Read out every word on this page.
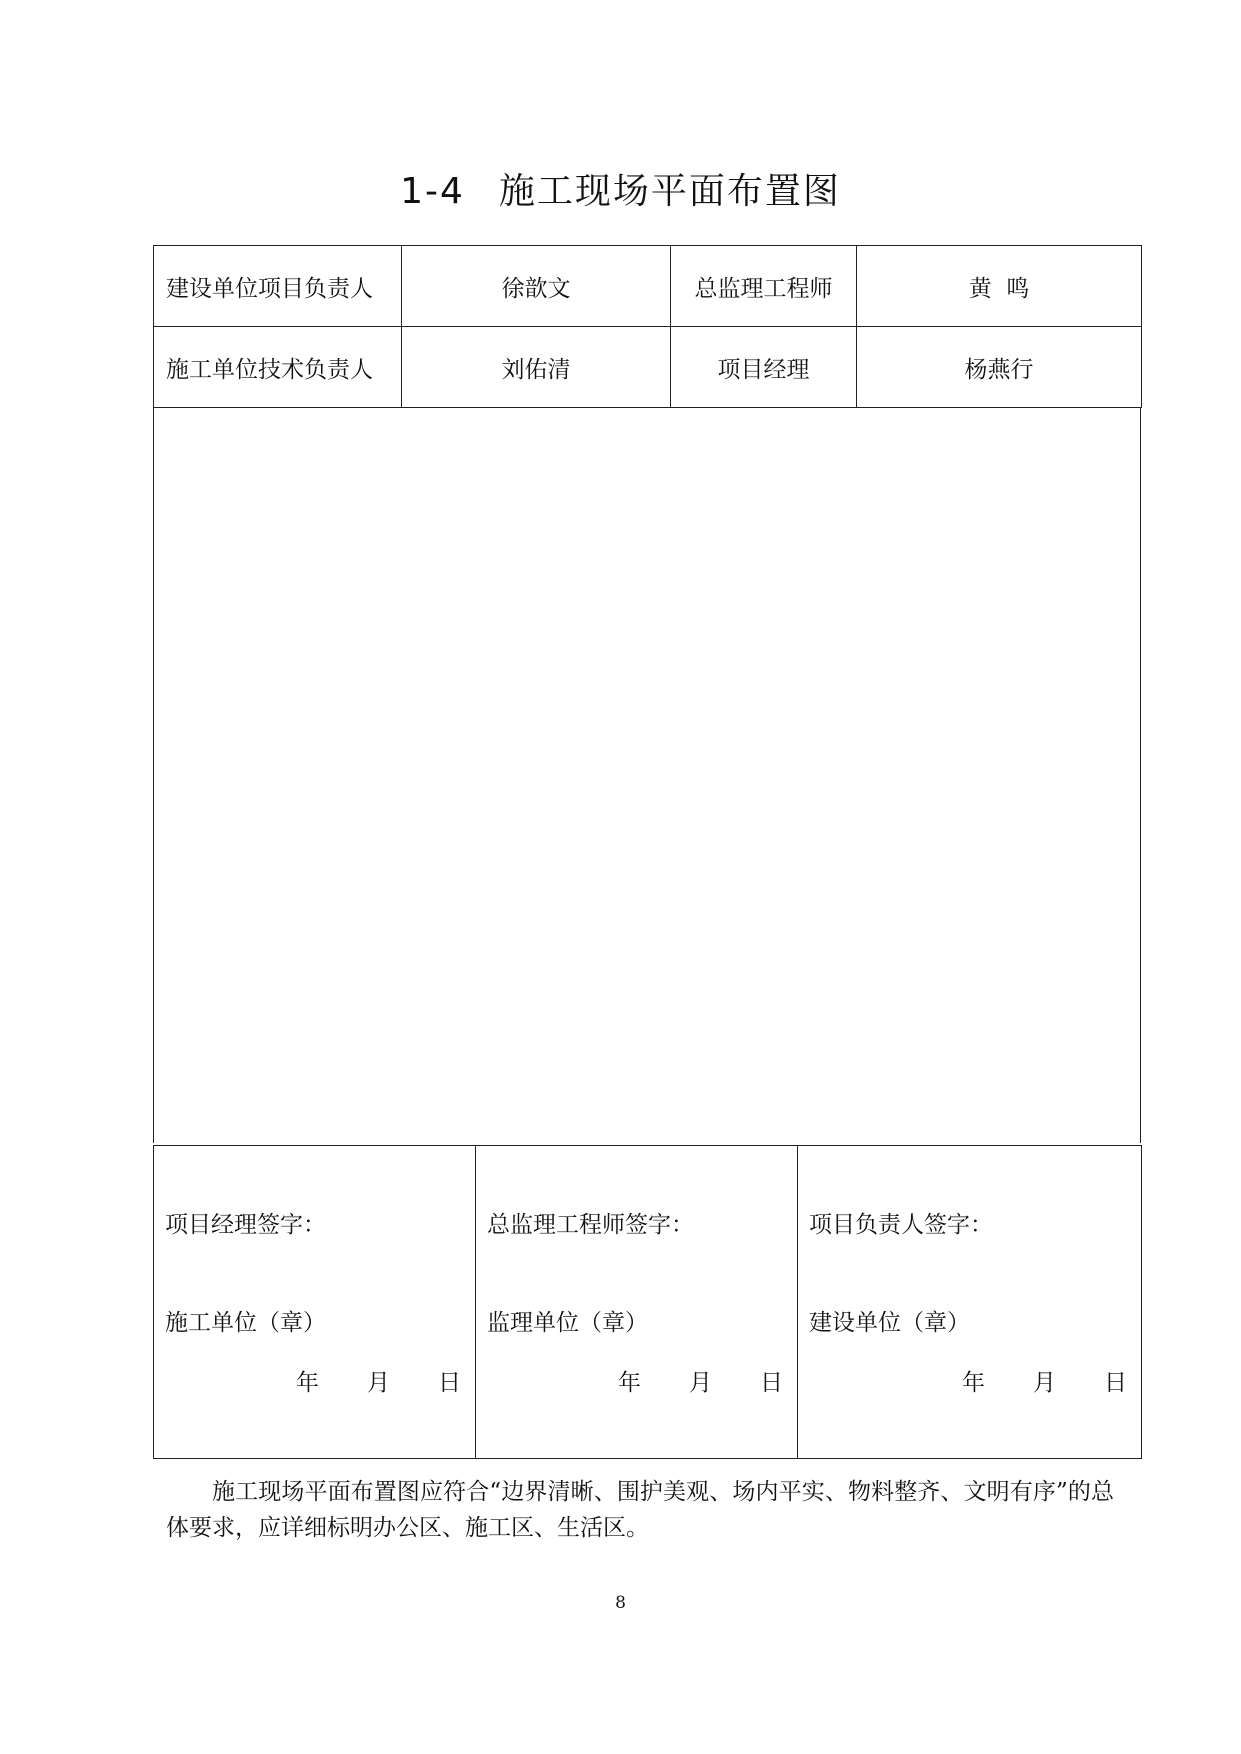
1-4 施工现场平面布置图
建设单位项目负责人	徐歆文	总监理工程师	黄  鸣
施工单位技术负责人	刘佑清	项目经理	杨燕行
项目经理签字：
施工单位（章）
年 月 日

总监理工程师签字：
监理单位（章）
年 月 日

项目负责人签字：
建设单位（章）
年 月 日
施工现场平面布置图应符合“边界清晰、围护美观、场内平实、物料整齐、文明有序”的总体要求，应详细标明办公区、施工区、生活区。
8
